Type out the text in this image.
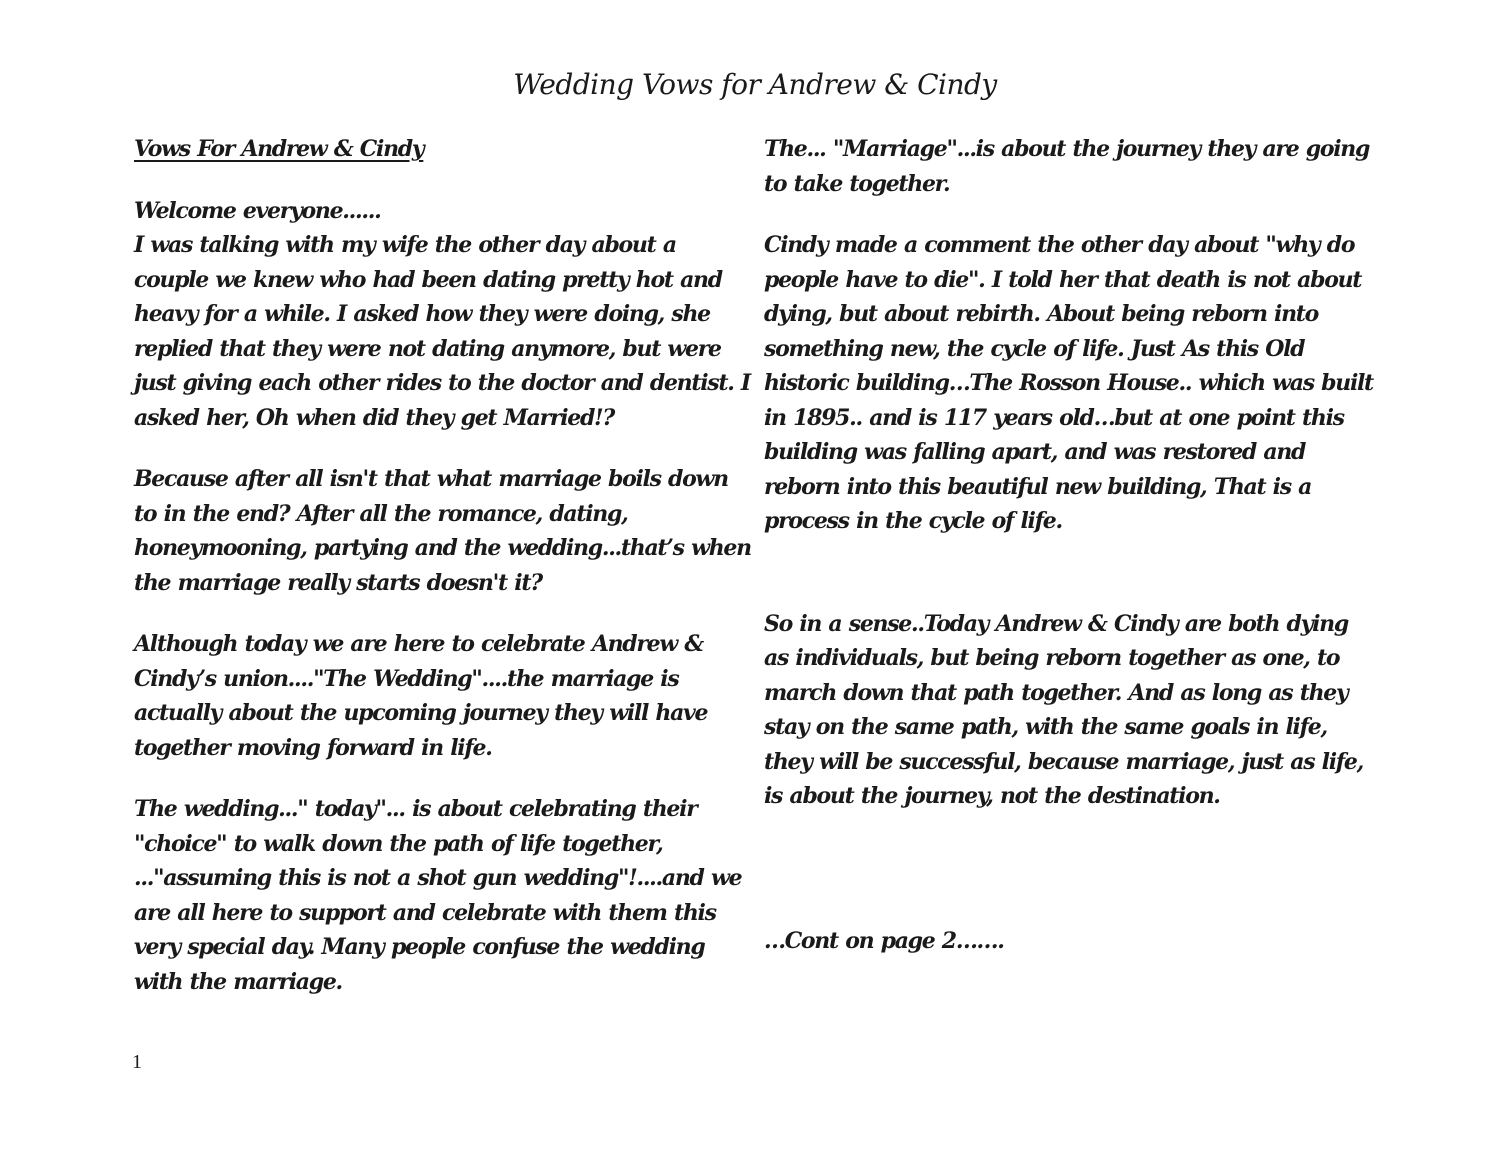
Wedding Vows for Andrew & Cindy

Vows For Andrew & Cindy

Welcome everyone......
I was talking with my wife the other day about a couple we knew who had been dating pretty hot and heavy for a while. I asked how they were doing, she replied that they were not dating anymore, but were just giving each other rides to the doctor and dentist. I asked her, Oh when did they get Married!?

Because after all isn't that what marriage boils down to in the end? After all the romance, dating, honeymooning, partying and the wedding...that’s when the marriage really starts doesn't it?

Although today we are here to celebrate Andrew & Cindy’s union...."The Wedding"....the marriage is actually about the upcoming journey they will have together moving forward in life.

The wedding..." today"... is about celebrating their "choice" to walk down the path of life together, ..."assuming this is not a shot gun wedding"!....and we are all here to support and celebrate with them this very special day. Many people confuse the wedding with the marriage.

The... "Marriage"...is about the journey they are going to take together.

Cindy made a comment the other day about "why do people have to die". I told her that death is not about dying, but about rebirth. About being reborn into something new, the cycle of life. Just As this Old historic building…The Rosson House.. which was built in 1895.. and is 117 years old…but at one point this building was falling apart, and was restored and reborn into this beautiful new building, That is a process in the cycle of life.

So in a sense..Today Andrew & Cindy are both dying as individuals, but being reborn together as one, to march down that path together. And as long as they stay on the same path, with the same goals in life, they will be successful, because marriage, just as life, is about the journey, not the destination.

…Cont on page 2…….

1
